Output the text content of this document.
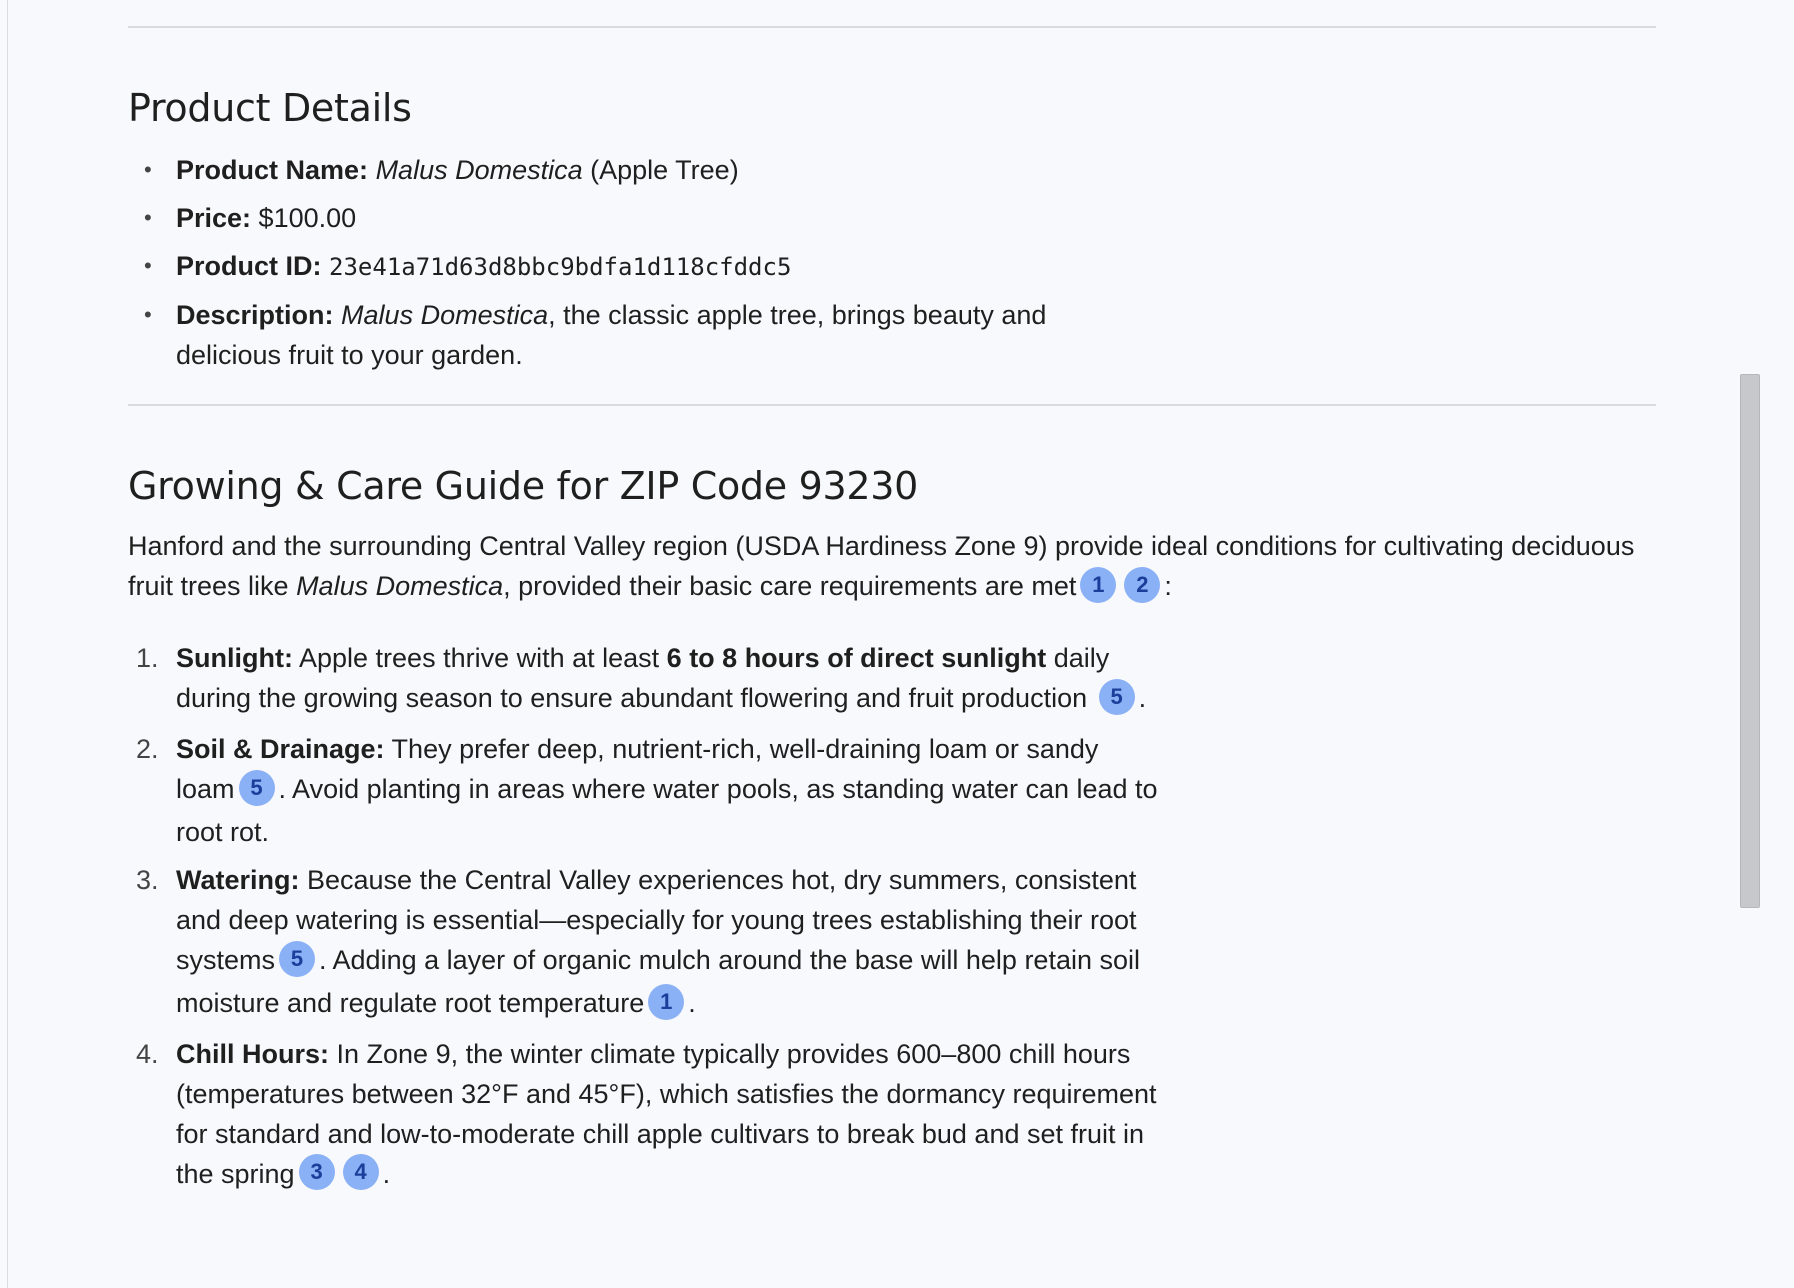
Product Details
• Product Name: Malus Domestica (Apple Tree)
• Price: $100.00
• Product ID: 23e41a71d63d8bbc9bdfa1d118cfddc5
• Description: Malus Domestica, the classic apple tree, brings beauty and delicious fruit to your garden.
Growing & Care Guide for ZIP Code 93230

Hanford and the surrounding Central Valley region (USDA Hardiness Zone 9) provide ideal conditions for cultivating deciduous fruit trees like Malus Domestica, provided their basic care requirements are met 1 2 :

1. Sunlight: Apple trees thrive with at least 6 to 8 hours of direct sunlight daily during the growing season to ensure abundant flowering and fruit production 5 .
2. Soil & Drainage: They prefer deep, nutrient-rich, well-draining loam or sandy loam 5 . Avoid planting in areas where water pools, as standing water can lead to root rot.
3. Watering: Because the Central Valley experiences hot, dry summers, consistent and deep watering is essential—especially for young trees establishing their root systems 5 . Adding a layer of organic mulch around the base will help retain soil moisture and regulate root temperature 1 .
4. Chill Hours: In Zone 9, the winter climate typically provides 600–800 chill hours (temperatures between 32°F and 45°F), which satisfies the dormancy requirement for standard and low-to-moderate chill apple cultivars to break bud and set fruit in the spring 3 4 .
